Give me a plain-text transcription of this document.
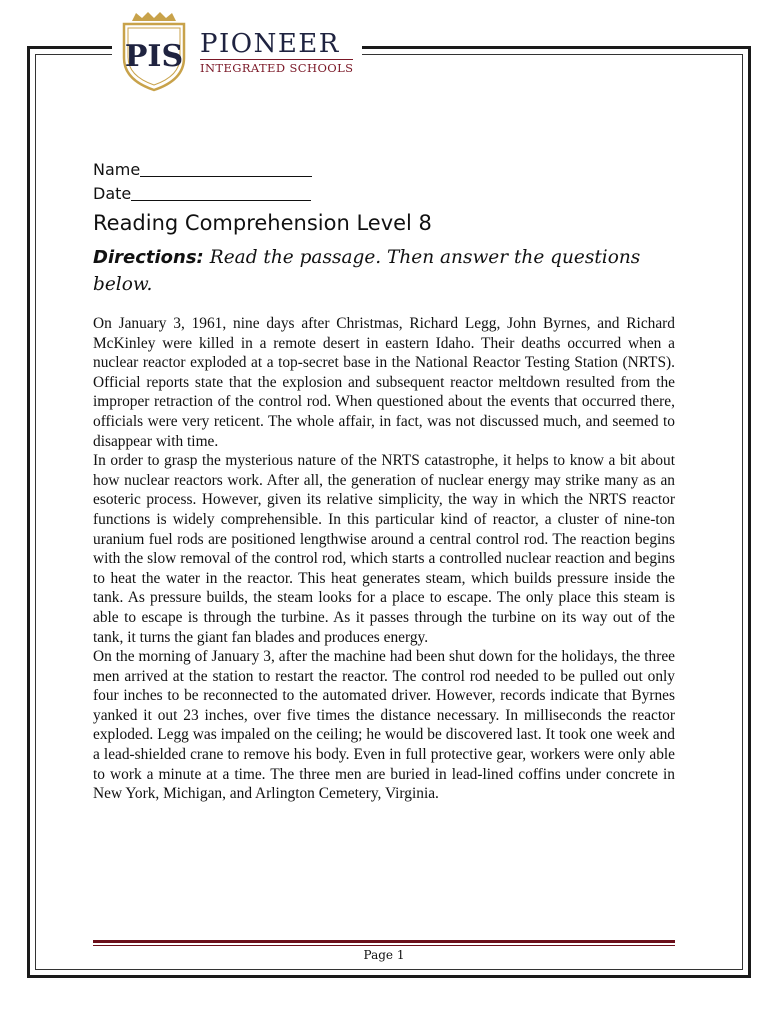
PIS PIONEER
INTEGRATED SCHOOLS
Name
Date
Reading Comprehension Level 8
Directions: Read the passage. Then answer the questions below.

On January 3, 1961, nine days after Christmas, Richard Legg, John Byrnes, and Richard McKinley were killed in a remote desert in eastern Idaho. Their deaths occurred when a nuclear reactor exploded at a top-secret base in the National Reactor Testing Station (NRTS). Official reports state that the explosion and subsequent reactor meltdown resulted from the improper retraction of the control rod. When questioned about the events that occurred there, officials were very reticent. The whole affair, in fact, was not discussed much, and seemed to disappear with time.

In order to grasp the mysterious nature of the NRTS catastrophe, it helps to know a bit about how nuclear reactors work. After all, the generation of nuclear energy may strike many as an esoteric process. However, given its relative simplicity, the way in which the NRTS reactor functions is widely comprehensible. In this particular kind of reactor, a cluster of nine-ton uranium fuel rods are positioned lengthwise around a central control rod. The reaction begins with the slow removal of the control rod, which starts a controlled nuclear reaction and begins to heat the water in the reactor. This heat generates steam, which builds pressure inside the tank. As pressure builds, the steam looks for a place to escape. The only place this steam is able to escape is through the turbine. As it passes through the turbine on its way out of the tank, it turns the giant fan blades and produces energy.

On the morning of January 3, after the machine had been shut down for the holidays, the three men arrived at the station to restart the reactor. The control rod needed to be pulled out only four inches to be reconnected to the automated driver. However, records indicate that Byrnes yanked it out 23 inches, over five times the distance necessary. In milliseconds the reactor exploded. Legg was impaled on the ceiling; he would be discovered last. It took one week and a lead-shielded crane to remove his body. Even in full protective gear, workers were only able to work a minute at a time. The three men are buried in lead-lined coffins under concrete in New York, Michigan, and Arlington Cemetery, Virginia.

Page 1
